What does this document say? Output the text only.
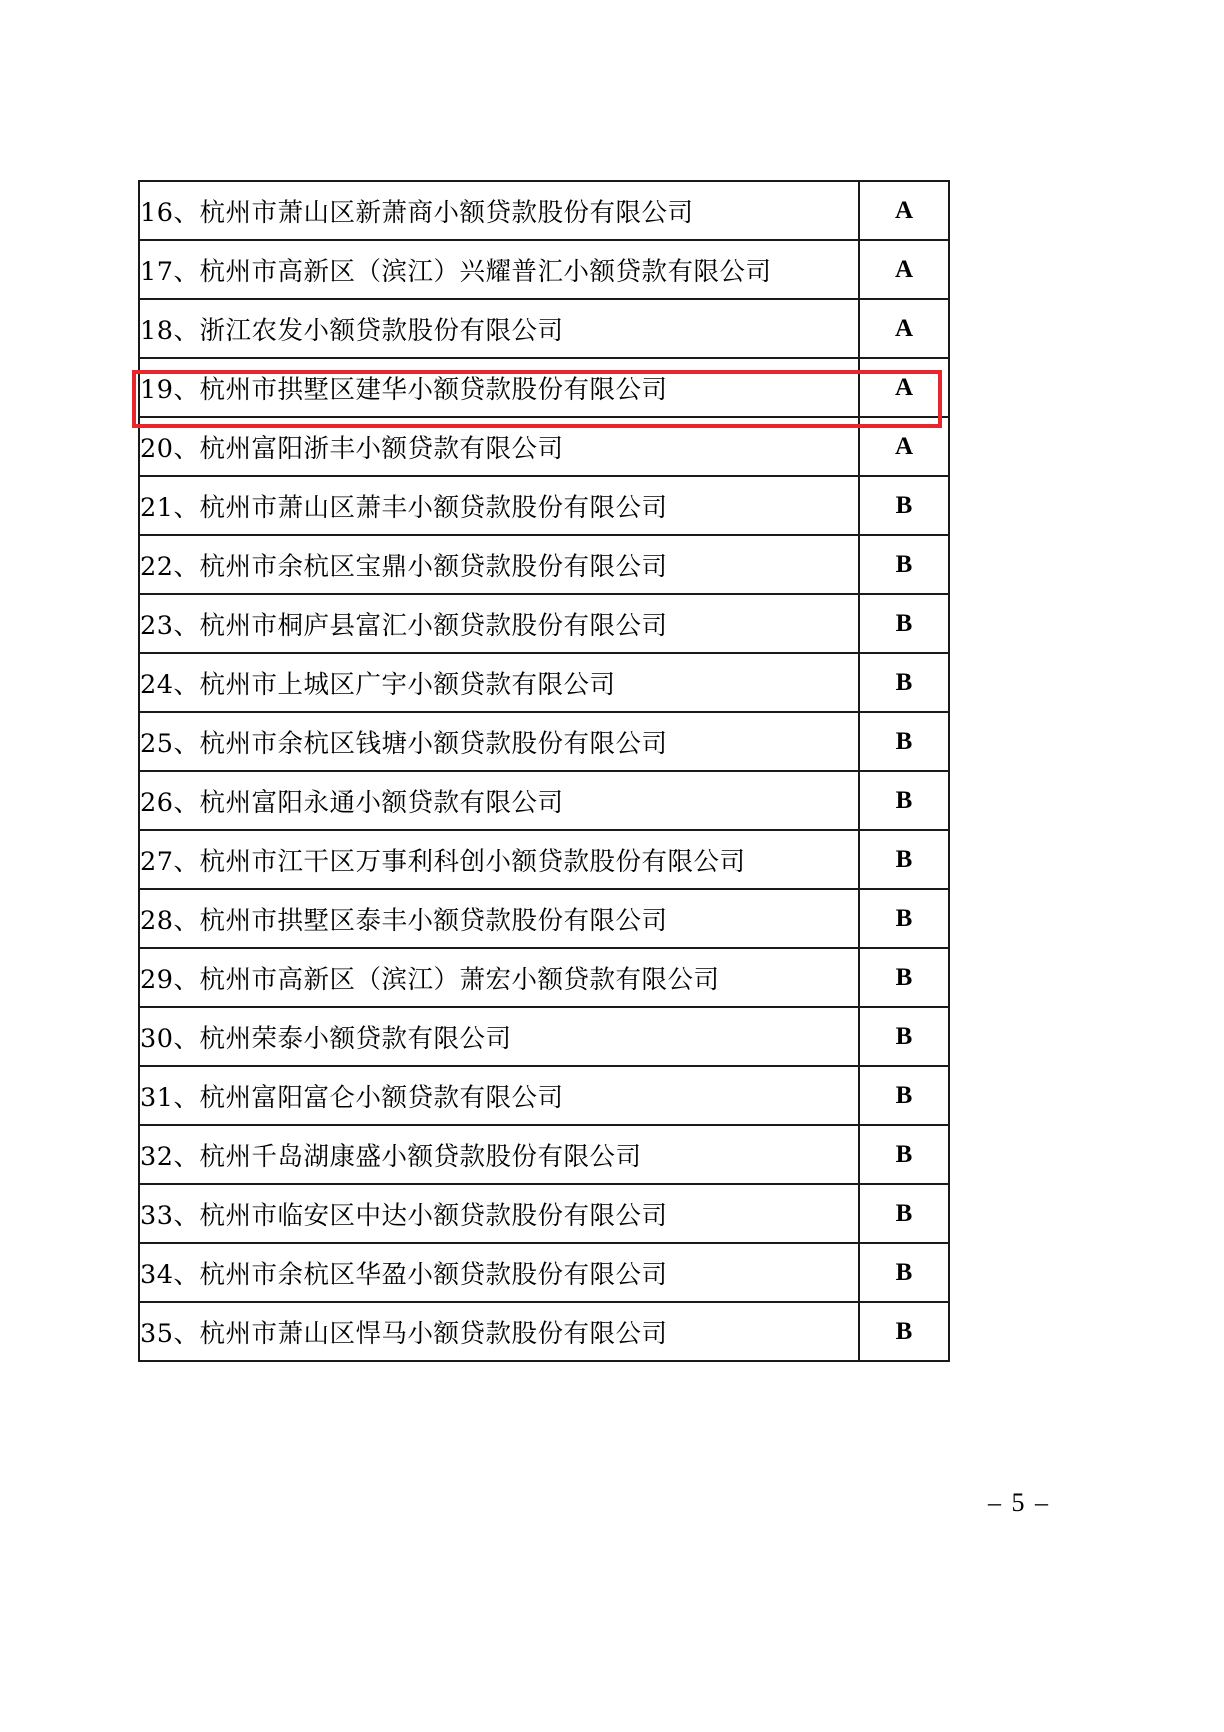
16、杭州市萧山区新萧商小额贷款股份有限公司	A
17、杭州市高新区（滨江）兴耀普汇小额贷款有限公司	A
18、浙江农发小额贷款股份有限公司	A
19、杭州市拱墅区建华小额贷款股份有限公司	A
20、杭州富阳浙丰小额贷款有限公司	A
21、杭州市萧山区萧丰小额贷款股份有限公司	B
22、杭州市余杭区宝鼎小额贷款股份有限公司	B
23、杭州市桐庐县富汇小额贷款股份有限公司	B
24、杭州市上城区广宇小额贷款有限公司	B
25、杭州市余杭区钱塘小额贷款股份有限公司	B
26、杭州富阳永通小额贷款有限公司	B
27、杭州市江干区万事利科创小额贷款股份有限公司	B
28、杭州市拱墅区泰丰小额贷款股份有限公司	B
29、杭州市高新区（滨江）萧宏小额贷款有限公司	B
30、杭州荣泰小额贷款有限公司	B
31、杭州富阳富仑小额贷款有限公司	B
32、杭州千岛湖康盛小额贷款股份有限公司	B
33、杭州市临安区中达小额贷款股份有限公司	B
34、杭州市余杭区华盈小额贷款股份有限公司	B
35、杭州市萧山区悍马小额贷款股份有限公司	B
– 5 –
